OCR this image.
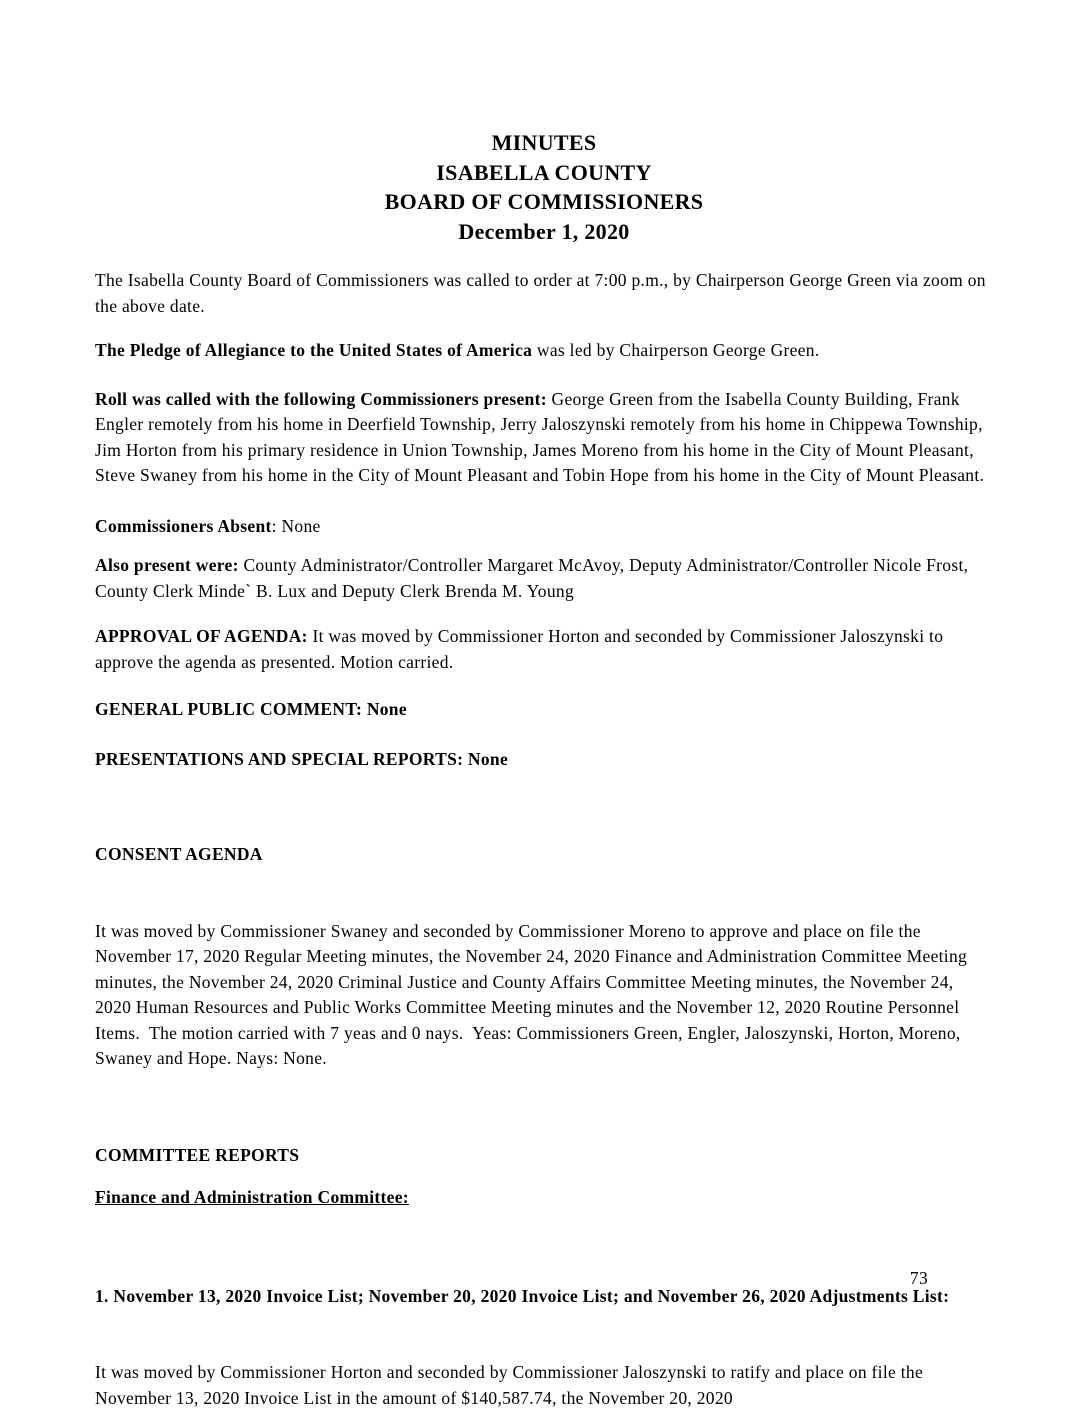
MINUTES
ISABELLA COUNTY
BOARD OF COMMISSIONERS
December 1, 2020

The Isabella County Board of Commissioners was called to order at 7:00 p.m., by Chairperson George Green via zoom on the above date.

The Pledge of Allegiance to the United States of America was led by Chairperson George Green.

Roll was called with the following Commissioners present: George Green from the Isabella County Building, Frank Engler remotely from his home in Deerfield Township, Jerry Jaloszynski remotely from his home in Chippewa Township, Jim Horton from his primary residence in Union Township, James Moreno from his home in the City of Mount Pleasant, Steve Swaney from his home in the City of Mount Pleasant and Tobin Hope from his home in the City of Mount Pleasant.

Commissioners Absent: None

Also present were: County Administrator/Controller Margaret McAvoy, Deputy Administrator/Controller Nicole Frost, County Clerk Minde` B. Lux and Deputy Clerk Brenda M. Young

APPROVAL OF AGENDA: It was moved by Commissioner Horton and seconded by Commissioner Jaloszynski to approve the agenda as presented. Motion carried.

GENERAL PUBLIC COMMENT: None

PRESENTATIONS AND SPECIAL REPORTS: None

CONSENT AGENDA

It was moved by Commissioner Swaney and seconded by Commissioner Moreno to approve and place on file the November 17, 2020 Regular Meeting minutes, the November 24, 2020 Finance and Administration Committee Meeting minutes, the November 24, 2020 Criminal Justice and County Affairs Committee Meeting minutes, the November 24, 2020 Human Resources and Public Works Committee Meeting minutes and the November 12, 2020 Routine Personnel Items.  The motion carried with 7 yeas and 0 nays.  Yeas: Commissioners Green, Engler, Jaloszynski, Horton, Moreno, Swaney and Hope. Nays: None.

COMMITTEE REPORTS

Finance and Administration Committee:

1. November 13, 2020 Invoice List; November 20, 2020 Invoice List; and November 26, 2020 Adjustments List:

It was moved by Commissioner Horton and seconded by Commissioner Jaloszynski to ratify and place on file the November 13, 2020 Invoice List in the amount of $140,587.74, the November 20, 2020

73
